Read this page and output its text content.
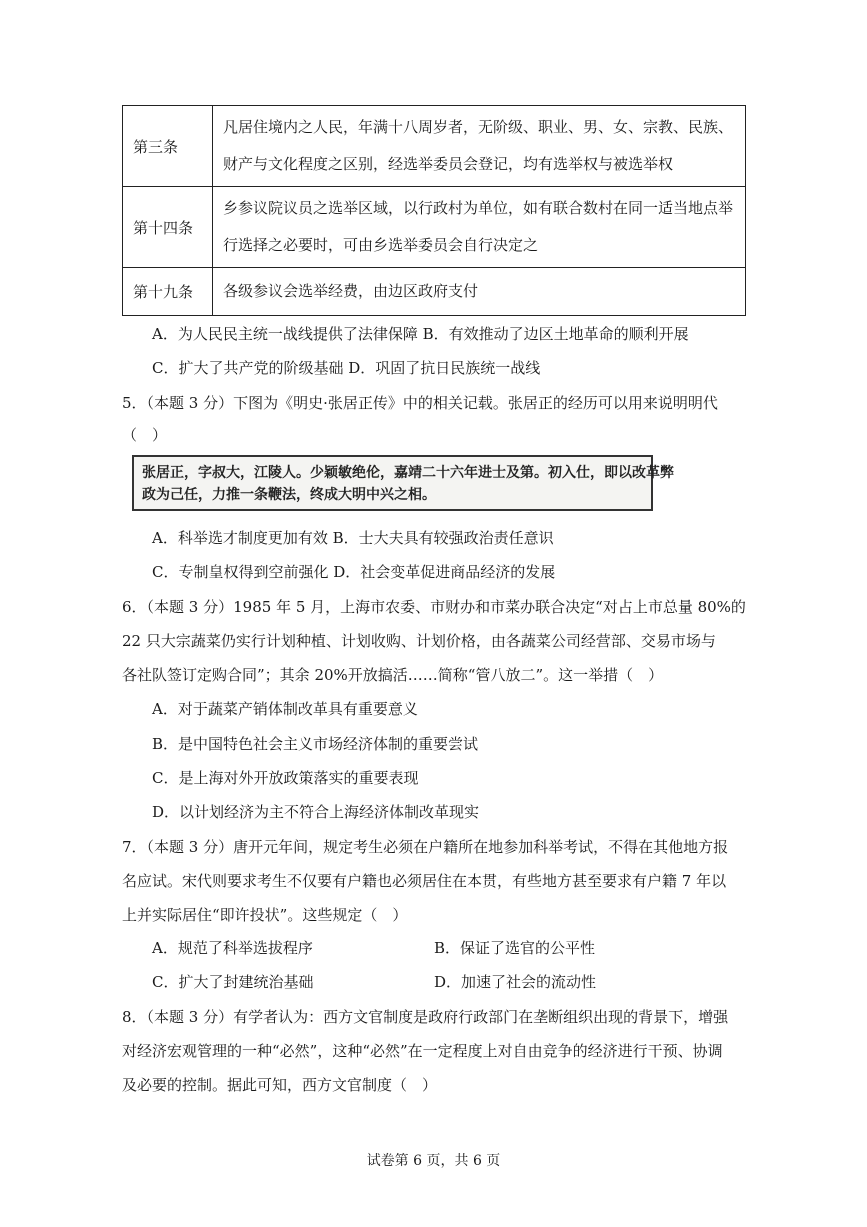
第三条	凡居住境内之人民，年满十八周岁者，无阶级、职业、男、女、宗教、民族、
财产与文化程度之区别，经选举委员会登记，均有选举权与被选举权

第十四条	乡参议院议员之选举区域，以行政村为单位，如有联合数村在同一适当地点举
行选择之必要时，可由乡选举委员会自行决定之

第十九条	各级参议会选举经费，由边区政府支付
A．为人民民主统一战线提供了法律保障 B．有效推动了边区土地革命的顺利开展
C．扩大了共产党的阶级基础 D．巩固了抗日民族统一战线
5．（本题 3 分）下图为《明史·张居正传》中的相关记载。张居正的经历可以用来说明明代
（　）
张居正，字叔大，江陵人。少颖敏绝伦，嘉靖二十六年进士及第。初入仕，即以改革弊
政为己任，力推一条鞭法，终成大明中兴之相。
A．科举选才制度更加有效 B．士大夫具有较强政治责任意识
C．专制皇权得到空前强化 D．社会变革促进商品经济的发展
6．（本题 3 分）1985 年 5 月，上海市农委、市财办和市菜办联合决定“对占上市总量 80%的
22 只大宗蔬菜仍实行计划种植、计划收购、计划价格，由各蔬菜公司经营部、交易市场与
各社队签订定购合同”；其余 20%开放搞活……简称“管八放二”。这一举措（　）
A．对于蔬菜产销体制改革具有重要意义
B．是中国特色社会主义市场经济体制的重要尝试
C．是上海对外开放政策落实的重要表现
D．以计划经济为主不符合上海经济体制改革现实
7．（本题 3 分）唐开元年间，规定考生必须在户籍所在地参加科举考试，不得在其他地方报
名应试。宋代则要求考生不仅要有户籍也必须居住在本贯，有些地方甚至要求有户籍 7 年以
上并实际居住“即许投状”。这些规定（　）
A．规范了科举选拔程序	B．保证了选官的公平性
C．扩大了封建统治基础	D．加速了社会的流动性
8．（本题 3 分）有学者认为：西方文官制度是政府行政部门在垄断组织出现的背景下，增强
对经济宏观管理的一种“必然”，这种“必然”在一定程度上对自由竞争的经济进行干预、协调
及必要的控制。据此可知，西方文官制度（　）
试卷第 6 页，共 6 页
